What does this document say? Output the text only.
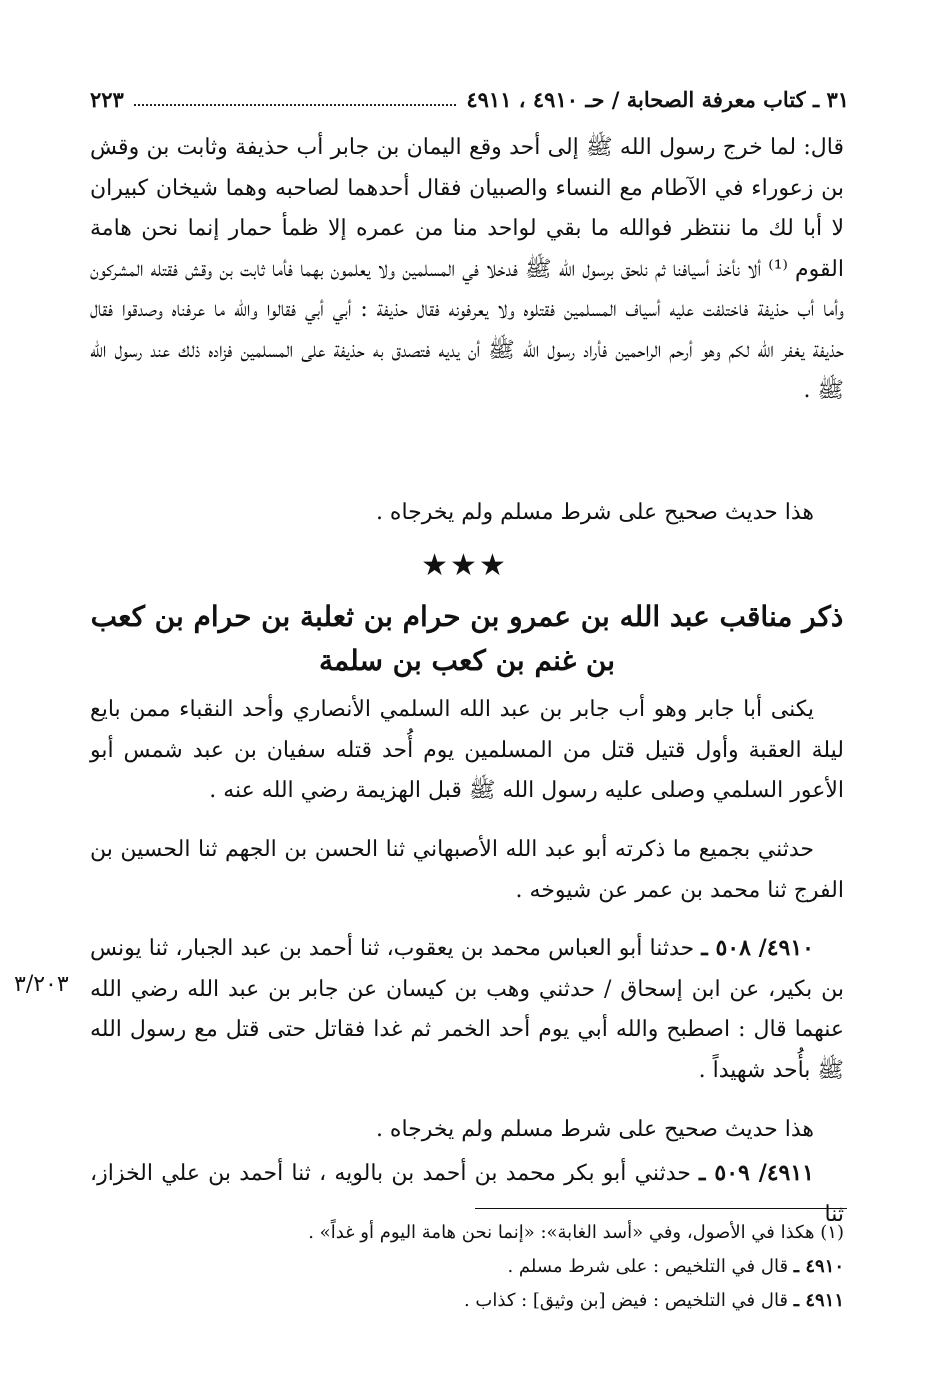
٣١ ـ كتاب معرفة الصحابة / حـ ٤٩١٠ ، ٤٩١١
٢٢٣

قال: لما خرج رسول الله ﷺ إلى أحد وقع اليمان بن جابر أب حذيفة وثابت بن وقش بن زعوراء في الآطام مع النساء والصبيان فقال أحدهما لصاحبه وهما شيخان كبيران لا أبا لك ما ننتظر فوالله ما بقي لواحد منا من عمره إلا ظمأ حمار إنما نحن هامة القوم ⁽¹⁾ ألا نأخذ أسيافنا ثم نلحق برسول الله ﷺ فدخلا في المسلمين ولا يعلمون بهما فأما ثابت بن وقش فقتله المشركون وأما أب حذيفة فاختلفت عليه أسياف المسلمين فقتلوه ولا يعرفونه فقال حذيفة : أبي أبي فقالوا والله ما عرفناه وصدقوا فقال حذيفة يغفر الله لكم وهو أرحم الراحمين فأراد رسول الله ﷺ أن يديه فتصدق به حذيفة على المسلمين فزاده ذلك عند رسول الله ﷺ .

هذا حديث صحيح على شرط مسلم ولم يخرجاه .

★★★
ذكر مناقب عبد الله بن عمرو بن حرام بن ثعلبة بن حرام بن كعب بن غنم بن كعب بن سلمة

يكنى أبا جابر وهو أب جابر بن عبد الله السلمي الأنصاري وأحد النقباء ممن بايع ليلة العقبة وأول قتيل قتل من المسلمين يوم أُحد قتله سفيان بن عبد شمس أبو الأعور السلمي وصلى عليه رسول الله ﷺ قبل الهزيمة رضي الله عنه .

حدثني بجميع ما ذكرته أبو عبد الله الأصبهاني ثنا الحسن بن الجهم ثنا الحسين بن الفرج ثنا محمد بن عمر عن شيوخه .

٤٩١٠/ ٥٠٨ ـ حدثنا أبو العباس محمد بن يعقوب، ثنا أحمد بن عبد الجبار، ثنا يونس بن بكير، عن ابن إسحاق / حدثني وهب بن كيسان عن جابر بن عبد الله رضي الله عنهما قال : اصطبح والله أبي يوم أحد الخمر ثم غدا فقاتل حتى قتل مع رسول الله ﷺ بأُحد شهيداً .

٣/٢٠٣

هذا حديث صحيح على شرط مسلم ولم يخرجاه .

٤٩١١/ ٥٠٩ ـ حدثني أبو بكر محمد بن أحمد بن بالويه ، ثنا أحمد بن علي الخزاز، ثنا

(١) هكذا في الأصول، وفي «أسد الغابة»: «إنما نحن هامة اليوم أو غداً» .

٤٩١٠ ـ قال في التلخيص : على شرط مسلم .

٤٩١١ ـ قال في التلخيص : فيض [بن وثيق] : كذاب .
